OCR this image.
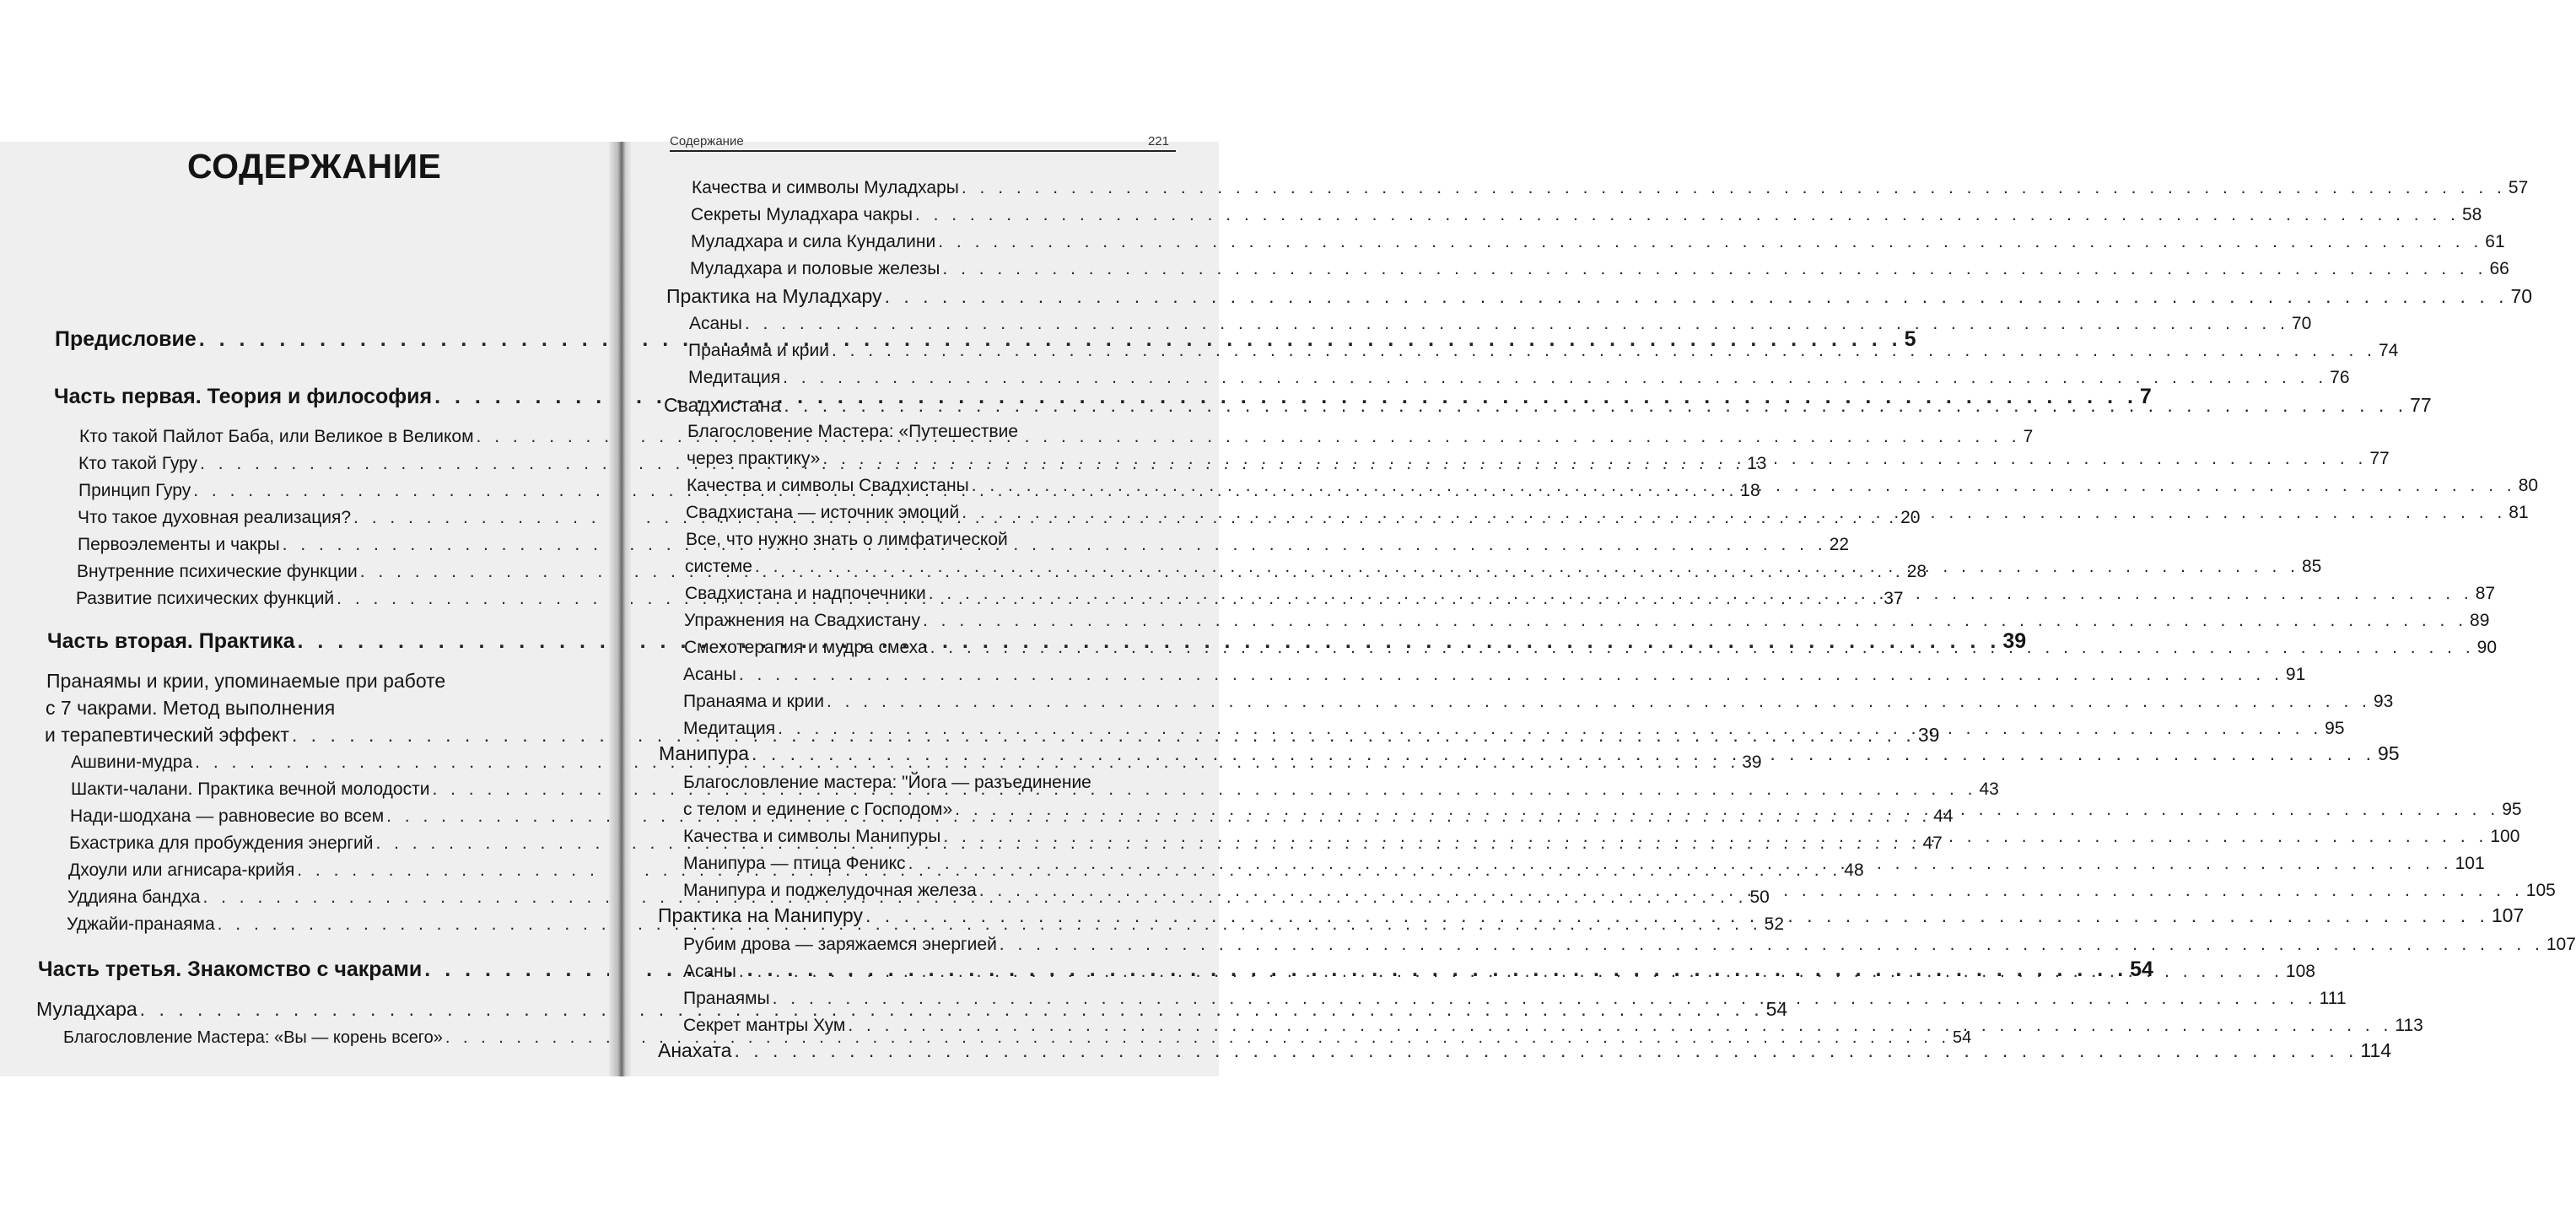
СОДЕРЖАНИЕ
Предисловие . . .	5
Часть первая. Теория и философия . . .	7
Кто такой Пайлот Баба, или Великое в Великом . . .	7
Кто такой Гуру . . .	13
Принцип Гуру . . .	18
Что такое духовная реализация? . . .	20
Первоэлементы и чакры . . .	22
Внутренние психические функции . . .	28
Развитие психических функций . . .	37
Часть вторая. Практика . . .	39
Пранаямы и крии, упоминаемые при работе
с 7 чакрами. Метод выполнения
и терапевтический эффект . . .	39
Ашвини-мудра . . .	39
Шакти-чалани. Практика вечной молодости . . .	43
Нади-шодхана — равновесие во всем . . .	44
Бхастрика для пробуждения энергий . . .	47
Дхоули или агнисара-крийя . . .	48
Уддияна бандха . . .	50
Уджайи-пранаяма . . .	52
Часть третья. Знакомство с чакрами . . .	54
Муладхара . . .	54
Благословление Мастера: «Вы — корень всего» . . .	54
Содержание	221
Качества и символы Муладхары . . .	57
Секреты Муладхара чакры . . .	58
Муладхара и сила Кундалини . . .	61
Муладхара и половые железы . . .	66
Практика на Муладхару . . .	70
Асаны . . .	70
Пранаяма и крии . . .	74
Медитация . . .	76
Свадхистана . . .	77
Благословение Мастера: «Путешествие
через практику» . . .	77
Качества и символы Свадхистаны . . .	80
Свадхистана — источник эмоций . . .	81
Все, что нужно знать о лимфатической
системе . . .	85
Свадхистана и надпочечники . . .	87
Упражнения на Свадхистану . . .	89
Смехотерапия и мудра смеха . . .	90
Асаны . . .	91
Пранаяма и крии . . .	93
Медитация . . .	95
Манипура . . .	95
Благословление мастера: "Йога — разъединение
с телом и единение с Господом» . . .	95
Качества и символы Манипуры . . .	100
Манипура — птица Феникс . . .	101
Манипура и поджелудочная железа . . .	105
Практика на Манипуру . . .	107
Рубим дрова — заряжаемся энергией . . .	107
Асаны . . .	108
Пранаямы . . .	111
Секрет мантры Хум . . .	113
Анахата . . .	114
